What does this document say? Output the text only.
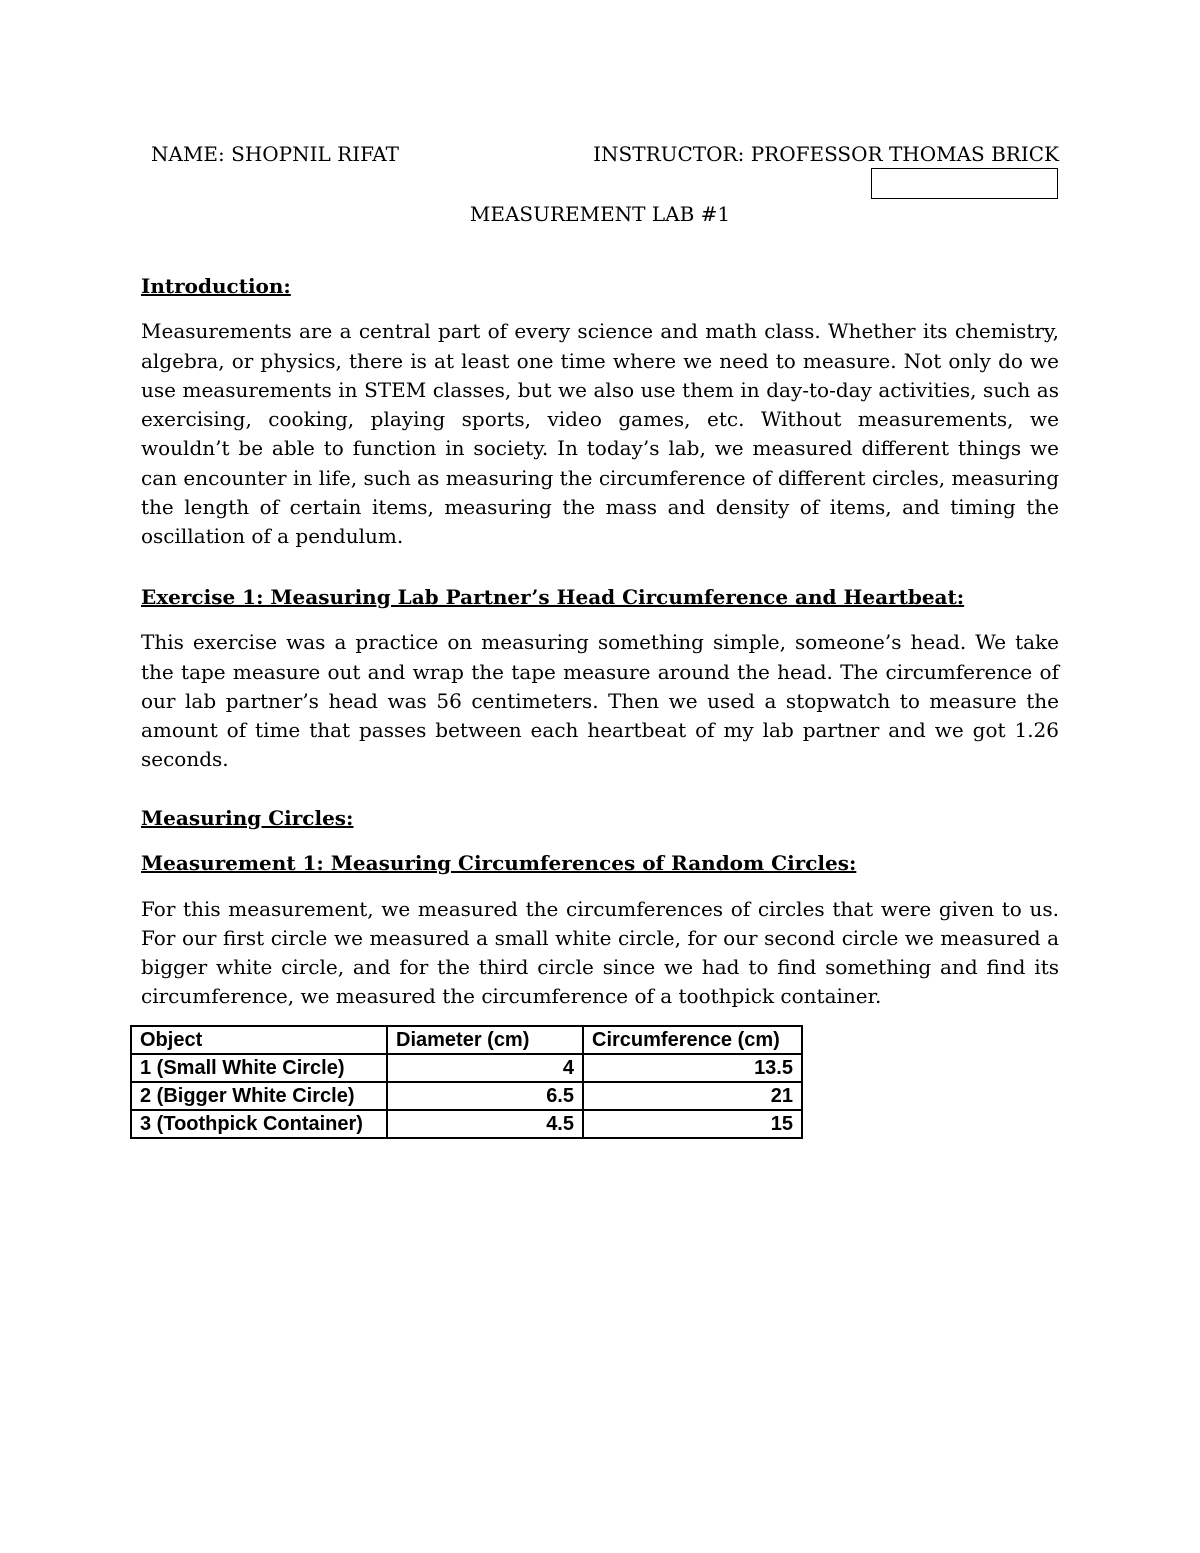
NAME: SHOPNIL RIFAT	INSTRUCTOR: PROFESSOR THOMAS BRICK
MEASUREMENT LAB #1

Introduction:

Measurements are a central part of every science and math class. Whether its chemistry, algebra, or physics, there is at least one time where we need to measure. Not only do we use measurements in STEM classes, but we also use them in day-to-day activities, such as exercising, cooking, playing sports, video games, etc. Without measurements, we wouldn’t be able to function in society. In today’s lab, we measured different things we can encounter in life, such as measuring the circumference of different circles, measuring the length of certain items, measuring the mass and density of items, and timing the oscillation of a pendulum.

Exercise 1: Measuring Lab Partner’s Head Circumference and Heartbeat:

This exercise was a practice on measuring something simple, someone’s head. We take the tape measure out and wrap the tape measure around the head. The circumference of our lab partner’s head was 56 centimeters. Then we used a stopwatch to measure the amount of time that passes between each heartbeat of my lab partner and we got 1.26 seconds.

Measuring Circles:

Measurement 1: Measuring Circumferences of Random Circles:

For this measurement, we measured the circumferences of circles that were given to us. For our first circle we measured a small white circle, for our second circle we measured a bigger white circle, and for the third circle since we had to find something and find its circumference, we measured the circumference of a toothpick container.

Object	Diameter (cm)	Circumference (cm)
1 (Small White Circle)	4	13.5
2 (Bigger White Circle)	6.5	21
3 (Toothpick Container)	4.5	15
